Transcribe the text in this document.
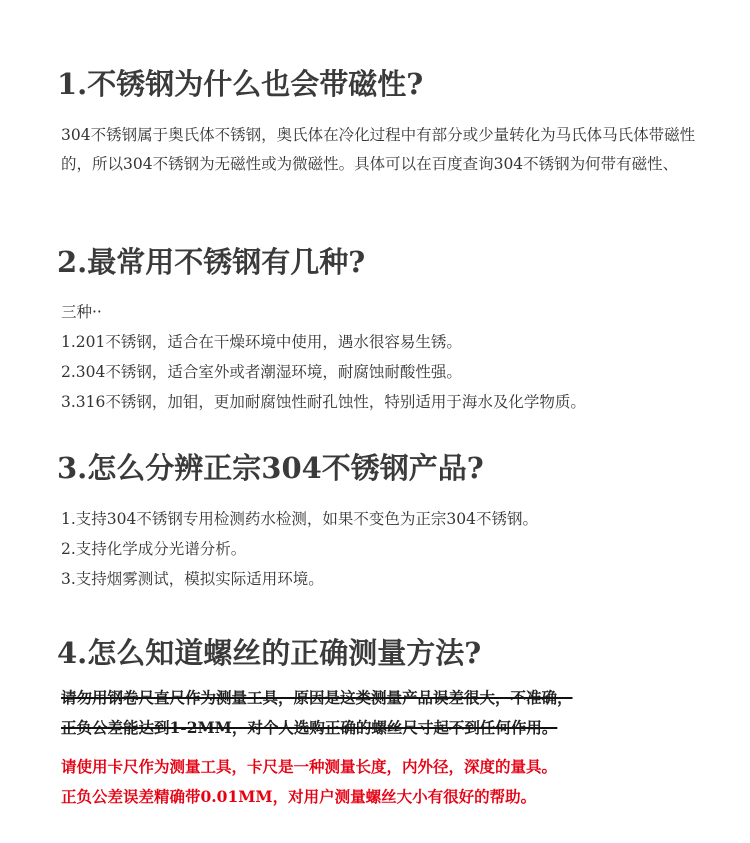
1.不锈钢为什么也会带磁性?

304不锈钢属于奥氏体不锈钢，奥氏体在冷化过程中有部分或少量转化为马氏体马氏体带磁性的，所以304不锈钢为无磁性或为微磁性。具体可以在百度查询304不锈钢为何带有磁性、

2.最常用不锈钢有几种?
三种··
1.201不锈钢，适合在干燥环境中使用，遇水很容易生锈。
2.304不锈钢，适合室外或者潮湿环境，耐腐蚀耐酸性强。
3.316不锈钢，加钼，更加耐腐蚀性耐孔蚀性，特别适用于海水及化学物质。
3.怎么分辨正宗304不锈钢产品?
1.支持304不锈钢专用检测药水检测，如果不变色为正宗304不锈钢。
2.支持化学成分光谱分析。
3.支持烟雾测试，模拟实际适用环境。
4.怎么知道螺丝的正确测量方法?
请勿用钢卷尺直尺作为测量工具，原因是这类测量产品误差很大，不准确，
正负公差能达到1-2MM，对个人选购正确的螺丝尺寸起不到任何作用。
请使用卡尺作为测量工具，卡尺是一种测量长度，内外径，深度的量具。
正负公差误差精确带0.01MM，对用户测量螺丝大小有很好的帮助。
